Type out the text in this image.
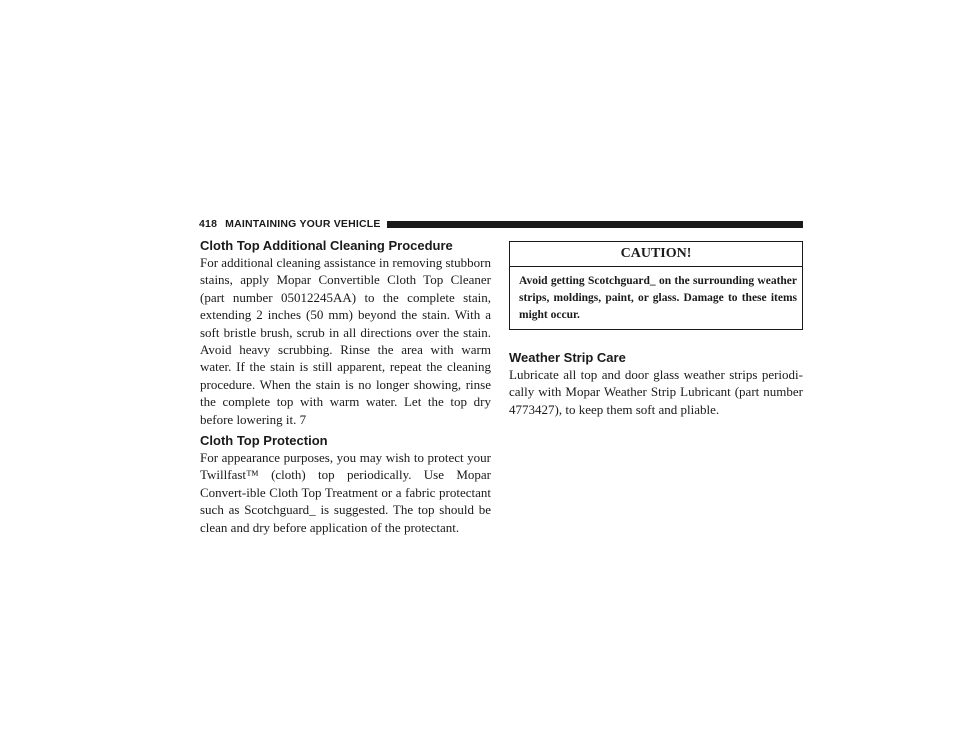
418 MAINTAINING YOUR VEHICLE
Cloth Top Additional Cleaning Procedure

For additional cleaning assistance in removing stubborn stains, apply Mopar Convertible Cloth Top Cleaner (part number 05012245AA) to the complete stain, extending 2 inches (50 mm) beyond the stain. With a soft bristle brush, scrub in all directions over the stain. Avoid heavy scrubbing. Rinse the area with warm water. If the stain is still apparent, repeat the cleaning procedure. When the stain is no longer showing, rinse the complete top with warm water. Let the top dry before lowering it. 7

Cloth Top Protection

For appearance purposes, you may wish to protect your Twillfast™ (cloth) top periodically. Use Mopar Convert-ible Cloth Top Treatment or a fabric protectant such as Scotchguard_ is suggested. The top should be clean and dry before application of the protectant.

CAUTION!
Avoid getting Scotchguard_ on the surrounding weather strips, moldings, paint, or glass. Damage to these items might occur.
Weather Strip Care

Lubricate all top and door glass weather strips periodi-cally with Mopar Weather Strip Lubricant (part number 4773427), to keep them soft and pliable.
